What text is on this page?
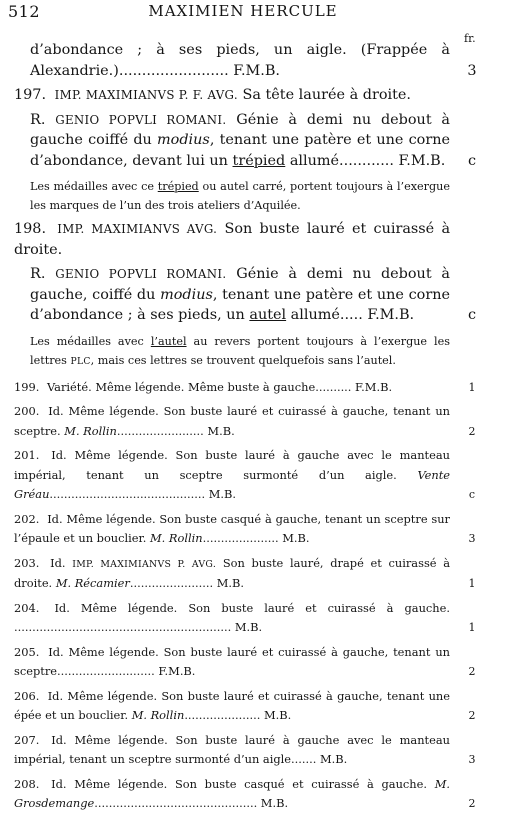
512	MAXIMIEN HERCULE
fr.
d’abondance ; à ses pieds, un aigle. (Frappée à Alexandrie.)........................ F.M.B.	3
197. IMP. MAXIMIANVS P. F. AVG. Sa tête laurée à droite.
R. GENIO POPVLI ROMANI. Génie à demi nu debout à gauche coiffé du modius, tenant une patère et une corne d’abondance, devant lui un trépied allumé............ F.M.B.	c
Les médailles avec ce trépied ou autel carré, portent toujours à l’exergue les marques de l’un des trois ateliers d’Aquilée.
198. IMP. MAXIMIANVS AVG. Son buste lauré et cuirassé à droite.
R. GENIO POPVLI ROMANI. Génie à demi nu debout à gauche, coiffé du modius, tenant une patère et une corne d’abondance ; à ses pieds, un autel allumé..... F.M.B.	c
Les médailles avec l’autel au revers portent toujours à l’exergue les lettres PLC, mais ces lettres se trouvent quelquefois sans l’autel.
199. Variété. Même légende. Même buste à gauche.......... F.M.B.	1
200. Id. Même légende. Son buste lauré et cuirassé à gauche, tenant un sceptre. M. Rollin........................ M.B.	2
201. Id. Même légende. Son buste lauré à gauche avec le manteau impérial, tenant un sceptre surmonté d’un aigle. Vente Gréau........................................... M.B.	c
202. Id. Même légende. Son buste casqué à gauche, tenant un sceptre sur l’épaule et un bouclier. M. Rollin..................... M.B.	3
203. Id. IMP. MAXIMIANVS P. AVG. Son buste lauré, drapé et cuirassé à droite. M. Récamier....................... M.B.	1
204. Id. Même légende. Son buste lauré et cuirassé à gauche. ............................................................ M.B.	1
205. Id. Même légende. Son buste lauré et cuirassé à gauche, tenant un sceptre........................... F.M.B.	2
206. Id. Même légende. Son buste lauré et cuirassé à gauche, tenant une épée et un bouclier. M. Rollin..................... M.B.	2
207. Id. Même légende. Son buste lauré à gauche avec le manteau impérial, tenant un sceptre surmonté d’un aigle....... M.B.	3
208. Id. Même légende. Son buste casqué et cuirassé à gauche. M. Grosdemange............................................. M.B.	2
